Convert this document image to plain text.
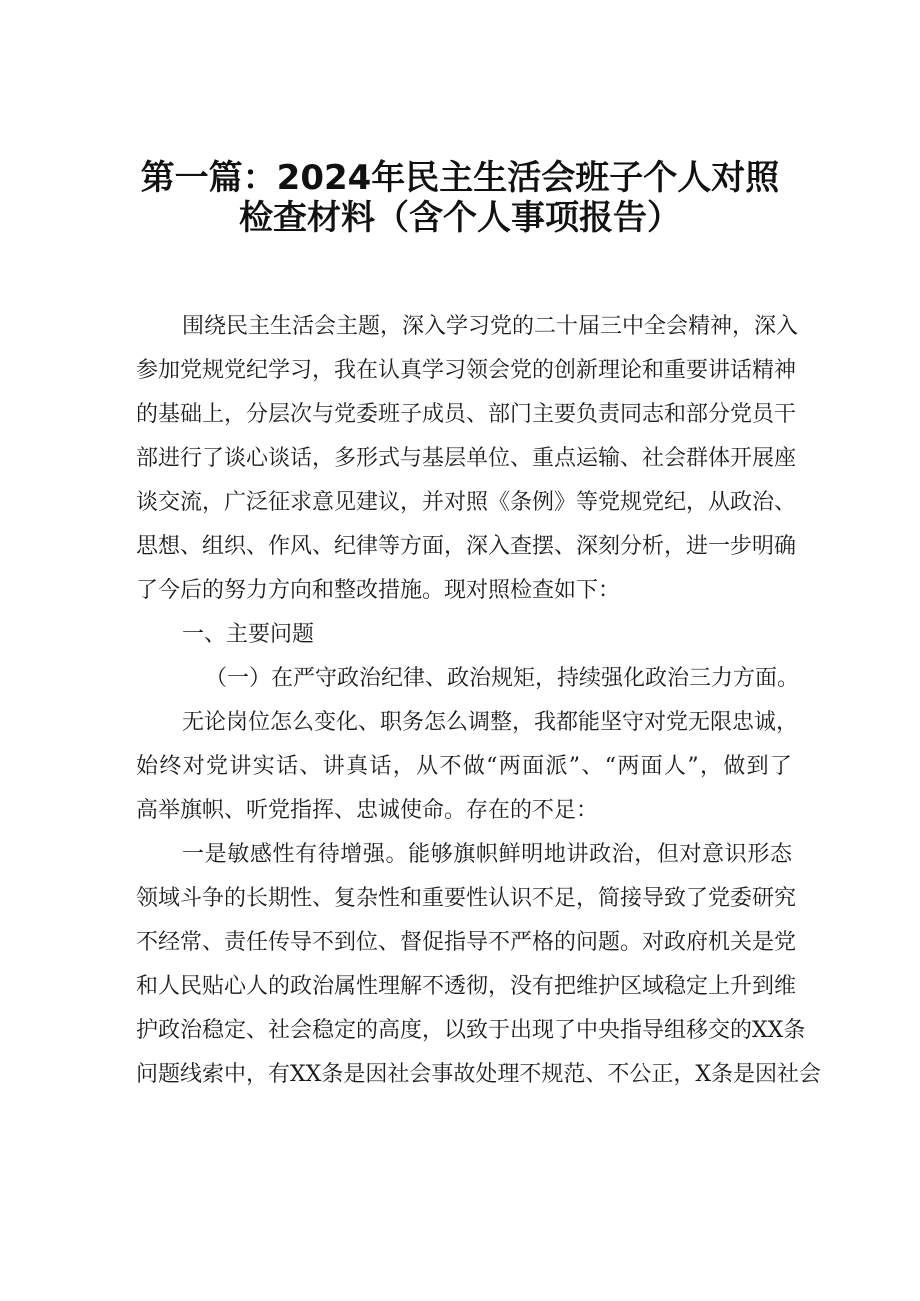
第一篇：2024年民主生活会班子个人对照
检查材料（含个人事项报告）
围绕民主生活会主题，深入学习党的二十届三中全会精神，深入
参加党规党纪学习，我在认真学习领会党的创新理论和重要讲话精神
的基础上，分层次与党委班子成员、部门主要负责同志和部分党员干
部进行了谈心谈话，多形式与基层单位、重点运输、社会群体开展座
谈交流，广泛征求意见建议，并对照《条例》等党规党纪，从政治、
思想、组织、作风、纪律等方面，深入查摆、深刻分析，进一步明确
了今后的努力方向和整改措施。现对照检查如下：
一、主要问题
（一）在严守政治纪律、政治规矩，持续强化政治三力方面。
无论岗位怎么变化、职务怎么调整，我都能坚守对党无限忠诚，
始终对党讲实话、讲真话，从不做“两面派”、“两面人”，做到了
高举旗帜、听党指挥、忠诚使命。存在的不足：
一是敏感性有待增强。能够旗帜鲜明地讲政治，但对意识形态
领域斗争的长期性、复杂性和重要性认识不足，简接导致了党委研究
不经常、责任传导不到位、督促指导不严格的问题。对政府机关是党
和人民贴心人的政治属性理解不透彻，没有把维护区域稳定上升到维
护政治稳定、社会稳定的高度，以致于出现了中央指导组移交的XX条
问题线索中，有XX条是因社会事故处理不规范、不公正，X条是因社会
